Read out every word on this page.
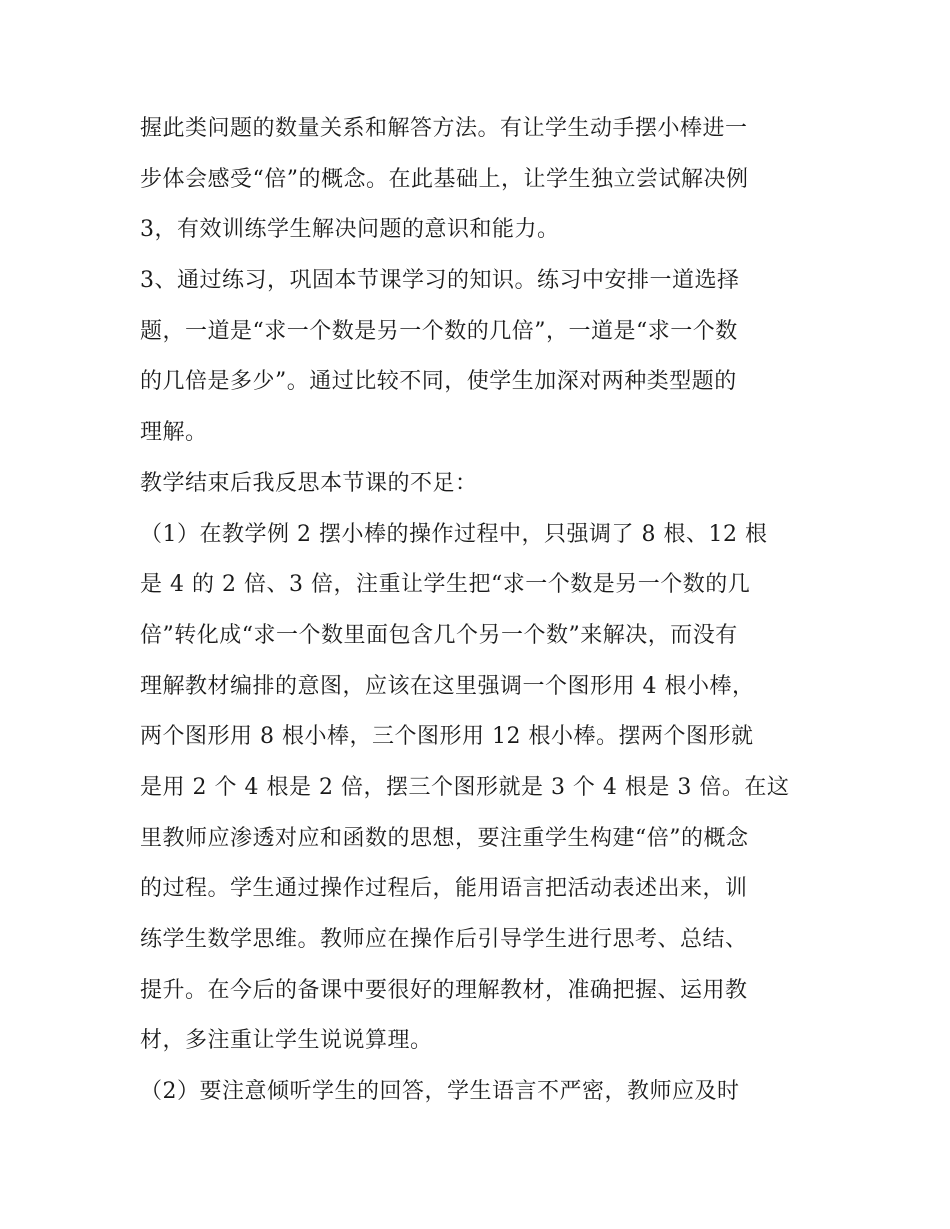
握此类问题的数量关系和解答方法。有让学生动手摆小棒进一
步体会感受“倍”的概念。在此基础上，让学生独立尝试解决例
3，有效训练学生解决问题的意识和能力。
3、通过练习，巩固本节课学习的知识。练习中安排一道选择
题，一道是“求一个数是另一个数的几倍”，一道是“求一个数
的几倍是多少”。通过比较不同，使学生加深对两种类型题的
理解。
教学结束后我反思本节课的不足：
（1）在教学例 2 摆小棒的操作过程中，只强调了 8 根、12 根
是 4 的 2 倍、3 倍，注重让学生把“求一个数是另一个数的几
倍”转化成“求一个数里面包含几个另一个数”来解决，而没有
理解教材编排的意图，应该在这里强调一个图形用 4 根小棒，
两个图形用 8 根小棒，三个图形用 12 根小棒。摆两个图形就
是用 2 个 4 根是 2 倍，摆三个图形就是 3 个 4 根是 3 倍。在这
里教师应渗透对应和函数的思想，要注重学生构建“倍”的概念
的过程。学生通过操作过程后，能用语言把活动表述出来，训
练学生数学思维。教师应在操作后引导学生进行思考、总结、
提升。在今后的备课中要很好的理解教材，准确把握、运用教
材，多注重让学生说说算理。
（2）要注意倾听学生的回答，学生语言不严密，教师应及时
